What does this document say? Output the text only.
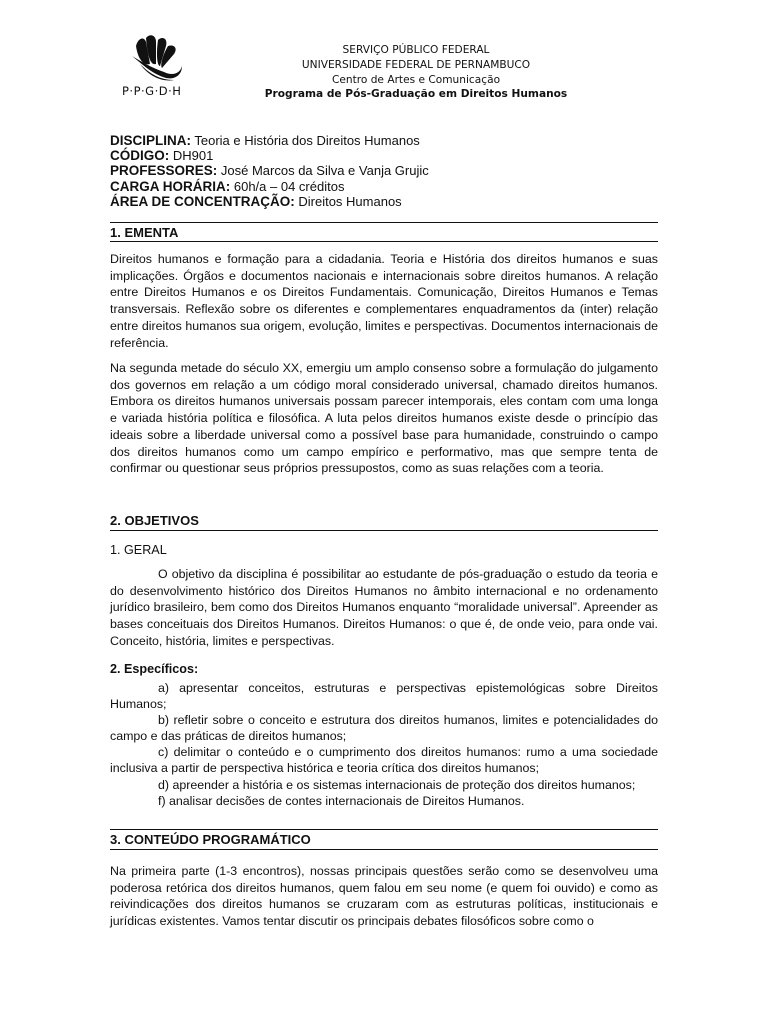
P·P·G·D·H
SERVIÇO PÚBLICO FEDERAL
UNIVERSIDADE FEDERAL DE PERNAMBUCO
Centro de Artes e Comunicação
Programa de Pós-Graduação em Direitos Humanos
DISCIPLINA: Teoria e História dos Direitos Humanos
CÓDIGO: DH901
PROFESSORES: José Marcos da Silva e Vanja Grujic
CARGA HORÁRIA: 60h/a – 04 créditos
ÁREA DE CONCENTRAÇÃO: Direitos Humanos
1. EMENTA
Direitos humanos e formação para a cidadania. Teoria e História dos direitos humanos e suas implicações. Órgãos e documentos nacionais e internacionais sobre direitos humanos. A relação entre Direitos Humanos e os Direitos Fundamentais. Comunicação, Direitos Humanos e Temas transversais. Reflexão sobre os diferentes e complementares enquadramentos da (inter) relação entre direitos humanos sua origem, evolução, limites e perspectivas. Documentos internacionais de referência.
Na segunda metade do século XX, emergiu um amplo consenso sobre a formulação do julgamento dos governos em relação a um código moral considerado universal, chamado direitos humanos. Embora os direitos humanos universais possam parecer intemporais, eles contam com uma longa e variada história política e filosófica. A luta pelos direitos humanos existe desde o princípio das ideais sobre a liberdade universal como a possível base para humanidade, construindo o campo dos direitos humanos como um campo empírico e performativo, mas que sempre tenta de confirmar ou questionar seus próprios pressupostos, como as suas relações com a teoria.
2. OBJETIVOS
1. GERAL
O objetivo da disciplina é possibilitar ao estudante de pós-graduação o estudo da teoria e do desenvolvimento histórico dos Direitos Humanos no âmbito internacional e no ordenamento jurídico brasileiro, bem como dos Direitos Humanos enquanto “moralidade universal”. Apreender as bases conceituais dos Direitos Humanos. Direitos Humanos: o que é, de onde veio, para onde vai. Conceito, história, limites e perspectivas.
2. Específicos:

a) apresentar conceitos, estruturas e perspectivas epistemológicas sobre Direitos Humanos;

b) refletir sobre o conceito e estrutura dos direitos humanos, limites e potencialidades do campo e das práticas de direitos humanos;

c) delimitar o conteúdo e o cumprimento dos direitos humanos: rumo a uma sociedade inclusiva a partir de perspectiva histórica e teoria crítica dos direitos humanos;

d) apreender a história e os sistemas internacionais de proteção dos direitos humanos;

f) analisar decisões de contes internacionais de Direitos Humanos.

3. CONTEÚDO PROGRAMÁTICO
Na primeira parte (1-3 encontros), nossas principais questões serão como se desenvolveu uma poderosa retórica dos direitos humanos, quem falou em seu nome (e quem foi ouvido) e como as reivindicações dos direitos humanos se cruzaram com as estruturas políticas, institucionais e jurídicas existentes. Vamos tentar discutir os principais debates filosóficos sobre como o
